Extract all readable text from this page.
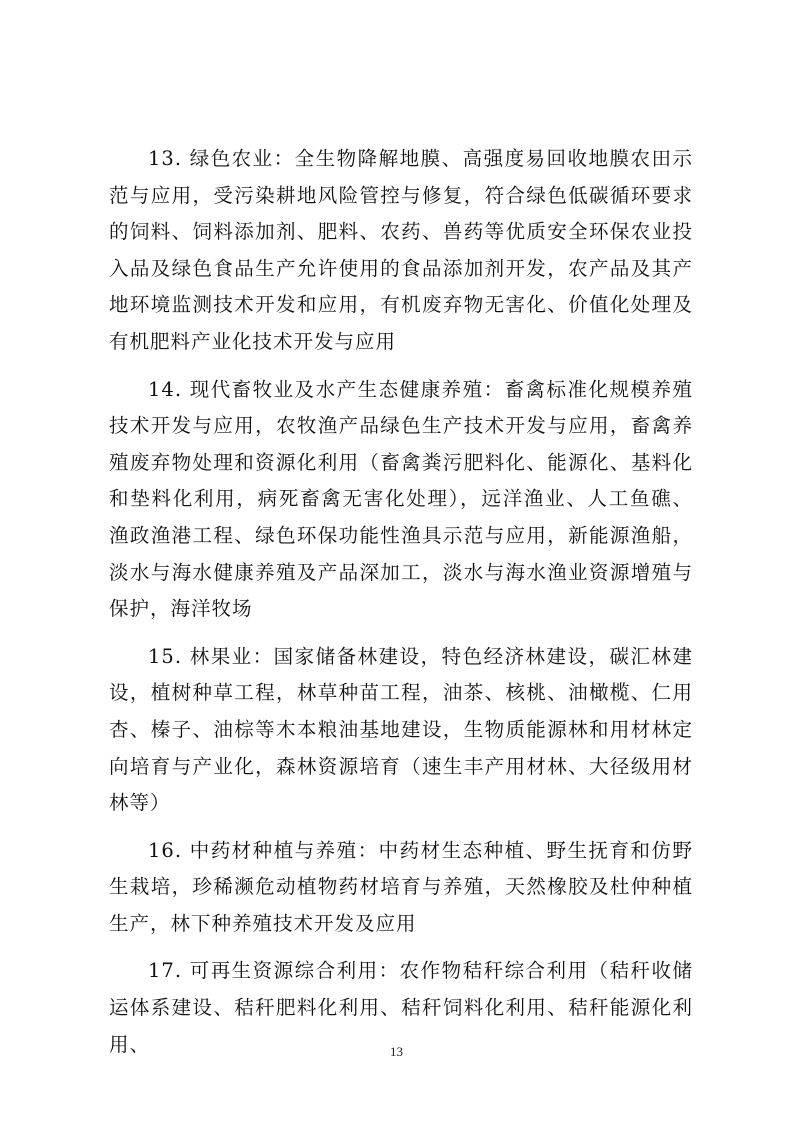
13. 绿色农业：全生物降解地膜、高强度易回收地膜农田示范与应用，受污染耕地风险管控与修复，符合绿色低碳循环要求的饲料、饲料添加剂、肥料、农药、兽药等优质安全环保农业投入品及绿色食品生产允许使用的食品添加剂开发，农产品及其产地环境监测技术开发和应用，有机废弃物无害化、价值化处理及有机肥料产业化技术开发与应用

14. 现代畜牧业及水产生态健康养殖：畜禽标准化规模养殖技术开发与应用，农牧渔产品绿色生产技术开发与应用，畜禽养殖废弃物处理和资源化利用（畜禽粪污肥料化、能源化、基料化和垫料化利用，病死畜禽无害化处理），远洋渔业、人工鱼礁、渔政渔港工程、绿色环保功能性渔具示范与应用，新能源渔船，淡水与海水健康养殖及产品深加工，淡水与海水渔业资源增殖与保护，海洋牧场

15. 林果业：国家储备林建设，特色经济林建设，碳汇林建设，植树种草工程，林草种苗工程，油茶、核桃、油橄榄、仁用杏、榛子、油棕等木本粮油基地建设，生物质能源林和用材林定向培育与产业化，森林资源培育（速生丰产用材林、大径级用材林等）

16. 中药材种植与养殖：中药材生态种植、野生抚育和仿野生栽培，珍稀濒危动植物药材培育与养殖，天然橡胶及杜仲种植生产，林下种养殖技术开发及应用

17. 可再生资源综合利用：农作物秸秆综合利用（秸秆收储运体系建设、秸秆肥料化利用、秸秆饲料化利用、秸秆能源化利用、	13
